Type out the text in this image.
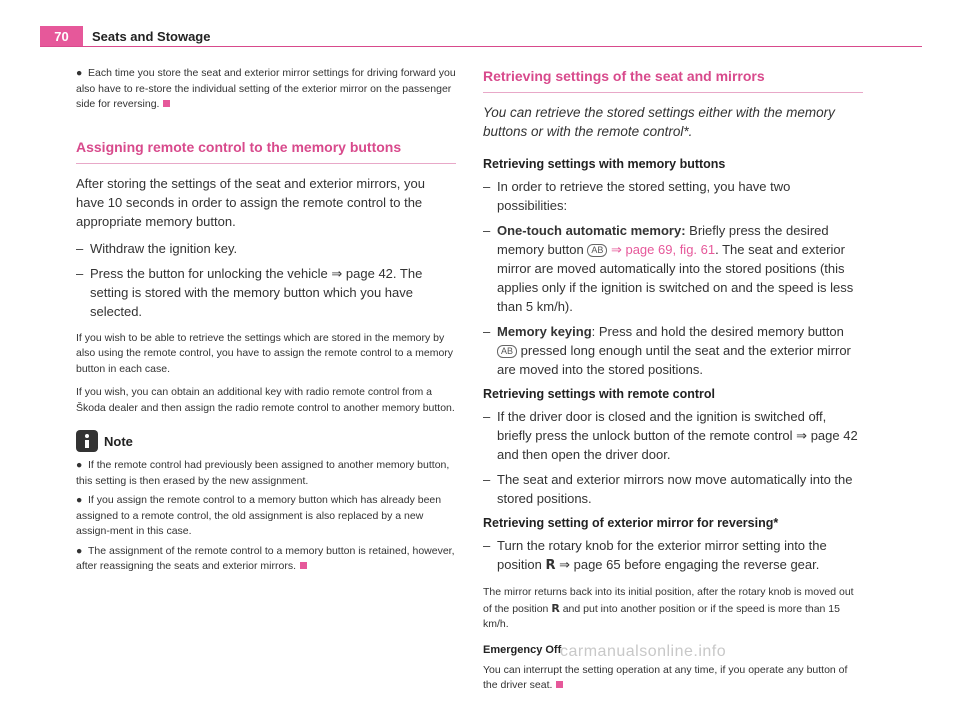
70	Seats and Stowage
● Each time you store the seat and exterior mirror settings for driving forward you also have to re-store the individual setting of the exterior mirror on the passenger side for reversing.
Assigning remote control to the memory buttons

After storing the settings of the seat and exterior mirrors, you have 10 seconds in order to assign the remote control to the appropriate memory button.

– Withdraw the ignition key.
– Press the button for unlocking the vehicle ⇒ page 42. The setting is stored with the memory button which you have selected.

If you wish to be able to retrieve the settings which are stored in the memory by also using the remote control, you have to assign the remote control to a memory button in each case.

If you wish, you can obtain an additional key with radio remote control from a Škoda dealer and then assign the radio remote control to another memory button.

Note
● If the remote control had previously been assigned to another memory button, this setting is then erased by the new assignment.
● If you assign the remote control to a memory button which has already been assigned to a remote control, the old assignment is also replaced by a new assign-ment in this case.
● The assignment of the remote control to a memory button is retained, however, after reassigning the seats and exterior mirrors.
Retrieving settings of the seat and mirrors

You can retrieve the stored settings either with the memory buttons or with the remote control*.

Retrieving settings with memory buttons
– In order to retrieve the stored setting, you have two possibilities:
– One-touch automatic memory: Briefly press the desired memory button AB ⇒ page 69, fig. 61. The seat and exterior mirror are moved automatically into the stored positions (this applies only if the ignition is switched on and the speed is less than 5 km/h).
– Memory keying: Press and hold the desired memory button AB pressed long enough until the seat and the exterior mirror are moved into the stored positions.
Retrieving settings with remote control
– If the driver door is closed and the ignition is switched off, briefly press the unlock button of the remote control ⇒ page 42 and then open the driver door.
– The seat and exterior mirrors now move automatically into the stored positions.
Retrieving setting of exterior mirror for reversing*
– Turn the rotary knob for the exterior mirror setting into the position R ⇒ page 65 before engaging the reverse gear.

The mirror returns back into its initial position, after the rotary knob is moved out of the position R and put into another position or if the speed is more than 15 km/h.

Emergency Off

You can interrupt the setting operation at any time, if you operate any button of the driver seat.

carmanualsonline.info
